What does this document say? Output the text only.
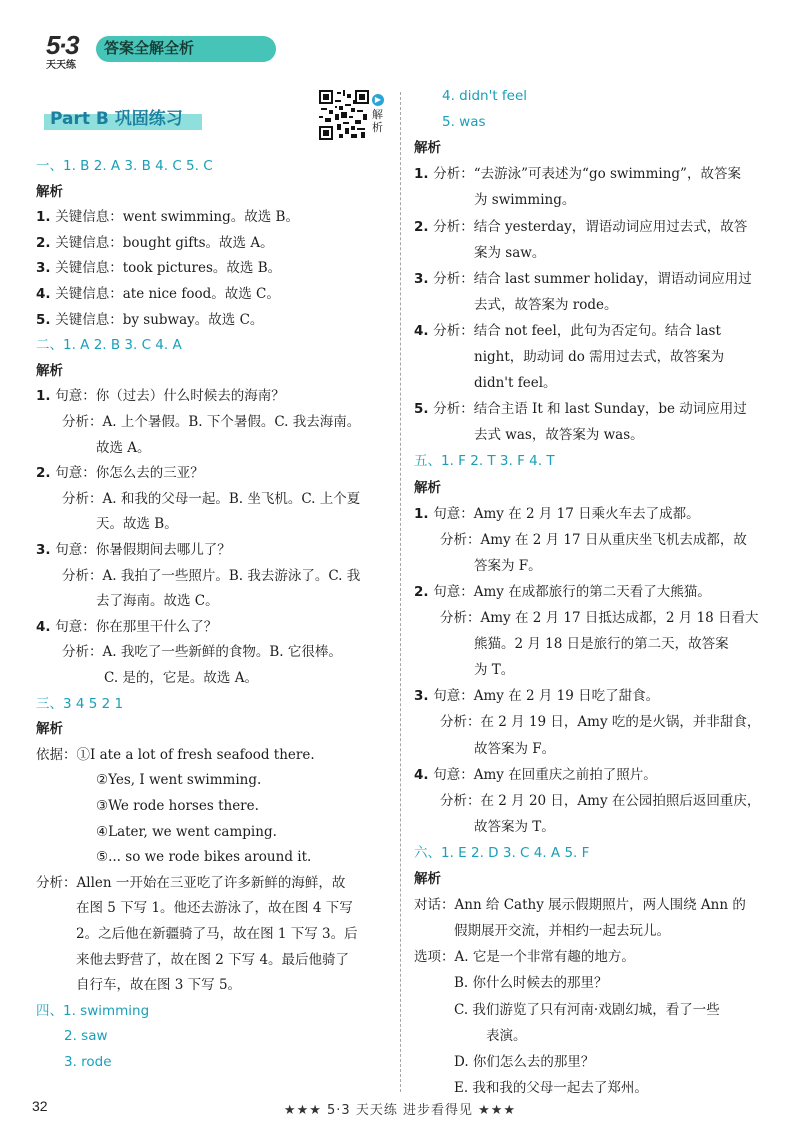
5·3
天天练
答案全解全析
Part B 巩固练习
▶
解析
32	★★★ 5·3 天天练 进步看得见 ★★★
一、1. B 2. A 3. B 4. C 5. C
解析
1. 关键信息：went swimming。故选 B。
2. 关键信息：bought gifts。故选 A。
3. 关键信息：took pictures。故选 B。
4. 关键信息：ate nice food。故选 C。
5. 关键信息：by subway。故选 C。
二、1. A 2. B 3. C 4. A
解析
1. 句意：你（过去）什么时候去的海南？
分析：A. 上个暑假。B. 下个暑假。C. 我去海南。
故选 A。
2. 句意：你怎么去的三亚？
分析：A. 和我的父母一起。B. 坐飞机。C. 上个夏
天。故选 B。
3. 句意：你暑假期间去哪儿了？
分析：A. 我拍了一些照片。B. 我去游泳了。C. 我
去了海南。故选 C。
4. 句意：你在那里干什么了？
分析：A. 我吃了一些新鲜的食物。B. 它很棒。
C. 是的，它是。故选 A。
三、3 4 5 2 1
解析
依据：①I ate a lot of fresh seafood there.
②Yes, I went swimming.
③We rode horses there.
④Later, we went camping.
⑤... so we rode bikes around it.
分析：Allen 一开始在三亚吃了许多新鲜的海鲜，故
在图 5 下写 1。他还去游泳了，故在图 4 下写
2。之后他在新疆骑了马，故在图 1 下写 3。后
来他去野营了，故在图 2 下写 4。最后他骑了
自行车，故在图 3 下写 5。
四、1. swimming
2. saw
3. rode
4. didn't feel
5. was
解析
1. 分析：“去游泳”可表述为“go swimming”，故答案
为 swimming。
2. 分析：结合 yesterday，谓语动词应用过去式，故答
案为 saw。
3. 分析：结合 last summer holiday，谓语动词应用过
去式，故答案为 rode。
4. 分析：结合 not feel，此句为否定句。结合 last
night，助动词 do 需用过去式，故答案为
didn't feel。
5. 分析：结合主语 It 和 last Sunday，be 动词应用过
去式 was，故答案为 was。
五、1. F 2. T 3. F 4. T
解析
1. 句意：Amy 在 2 月 17 日乘火车去了成都。
分析：Amy 在 2 月 17 日从重庆坐飞机去成都，故
答案为 F。
2. 句意：Amy 在成都旅行的第二天看了大熊猫。
分析：Amy 在 2 月 17 日抵达成都，2 月 18 日看大
熊猫。2 月 18 日是旅行的第二天，故答案
为 T。
3. 句意：Amy 在 2 月 19 日吃了甜食。
分析：在 2 月 19 日，Amy 吃的是火锅，并非甜食，
故答案为 F。
4. 句意：Amy 在回重庆之前拍了照片。
分析：在 2 月 20 日，Amy 在公园拍照后返回重庆，
故答案为 T。
六、1. E 2. D 3. C 4. A 5. F
解析
对话：Ann 给 Cathy 展示假期照片，两人围绕 Ann 的
假期展开交流，并相约一起去玩儿。
选项：A. 它是一个非常有趣的地方。
B. 你什么时候去的那里？
C. 我们游览了只有河南·戏剧幻城，看了一些
表演。
D. 你们怎么去的那里？
E. 我和我的父母一起去了郑州。
